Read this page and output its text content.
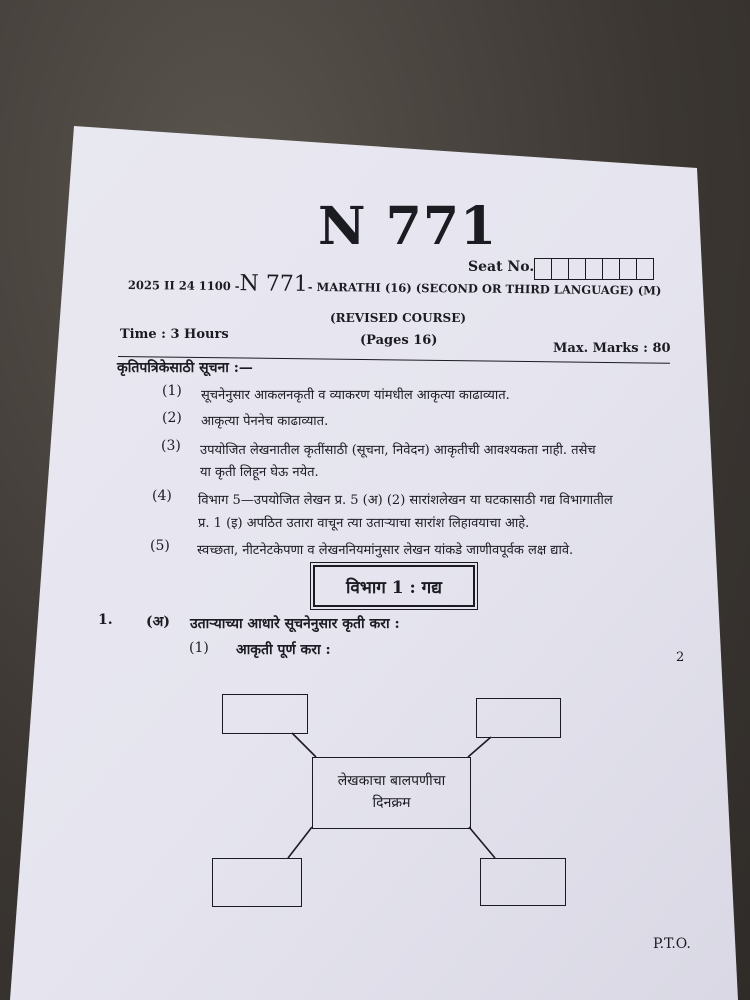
N 771
Seat No.
2025 II 24 1100 -N 771- MARATHI (16) (SECOND OR THIRD LANGUAGE) (M)
(REVISED COURSE)
Time : 3 Hours	(Pages 16)
Max. Marks : 80
कृतिपत्रिकेसाठी सूचना :—
(1) सूचनेनुसार आकलनकृती व व्याकरण यांमधील आकृत्या काढाव्यात.
(2) आकृत्या पेननेच काढाव्यात.
(3) उपयोजित लेखनातील कृतींसाठी (सूचना, निवेदन) आकृतीची आवश्यकता नाही. तसेच
या कृती लिहून घेऊ नयेत.
(4) विभाग 5—उपयोजित लेखन प्र. 5 (अ) (2) सारांशलेखन या घटकासाठी गद्य विभागातील
प्र. 1 (इ) अपठित उतारा वाचून त्या उताऱ्याचा सारांश लिहावयाचा आहे.
(5) स्वच्छता, नीटनेटकेपणा व लेखननियमांनुसार लेखन यांकडे जाणीवपूर्वक लक्ष द्यावे.
विभाग 1 : गद्य
1. (अ) उताऱ्याच्या आधारे सूचनेनुसार कृती करा :
(1) आकृती पूर्ण करा :	2
लेखकाचा बालपणीचा
दिनक्रम
P.T.O.
